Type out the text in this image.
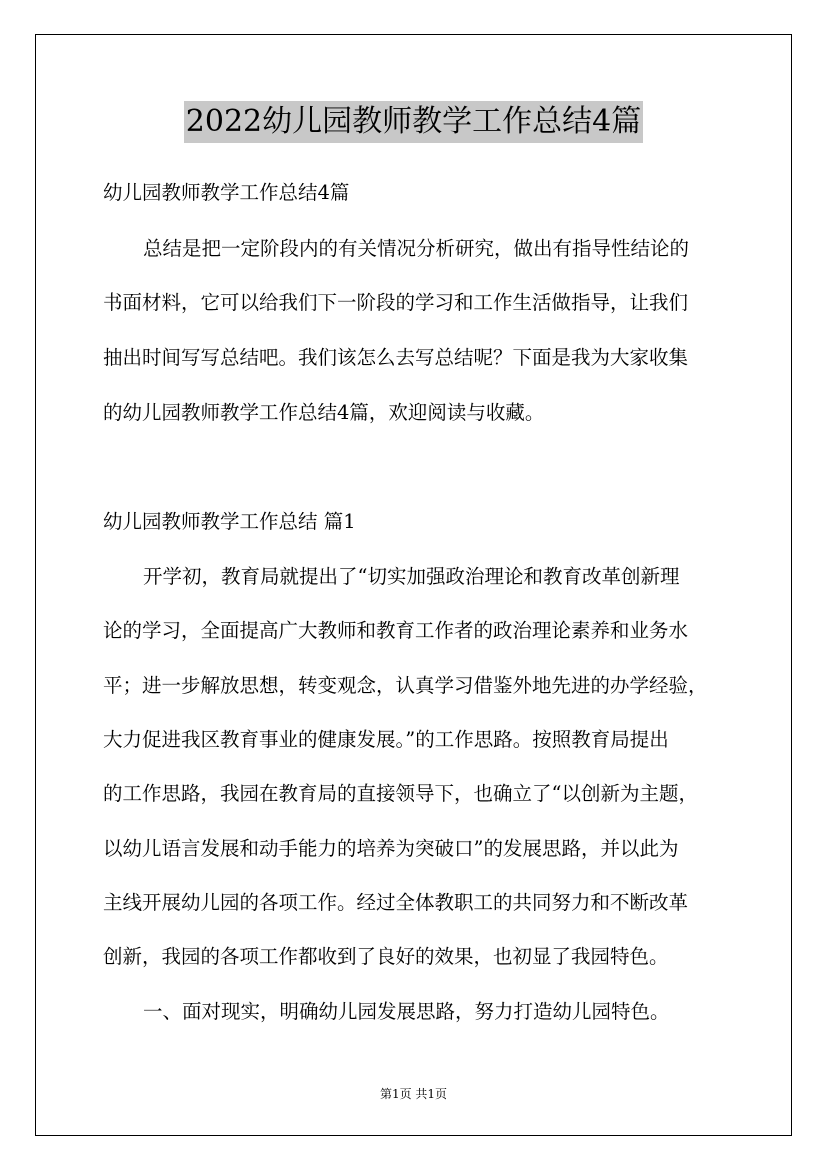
2022幼儿园教师教学工作总结4篇
幼儿园教师教学工作总结4篇
总结是把一定阶段内的有关情况分析研究，做出有指导性结论的
书面材料，它可以给我们下一阶段的学习和工作生活做指导，让我们
抽出时间写写总结吧。我们该怎么去写总结呢？下面是我为大家收集
的幼儿园教师教学工作总结4篇，欢迎阅读与收藏。
幼儿园教师教学工作总结 篇1
开学初，教育局就提出了“切实加强政治理论和教育改革创新理
论的学习，全面提高广大教师和教育工作者的政治理论素养和业务水
平；进一步解放思想，转变观念，认真学习借鉴外地先进的办学经验，
大力促进我区教育事业的健康发展。”的工作思路。按照教育局提出
的工作思路，我园在教育局的直接领导下，也确立了“以创新为主题，
以幼儿语言发展和动手能力的培养为突破口”的发展思路，并以此为
主线开展幼儿园的各项工作。经过全体教职工的共同努力和不断改革
创新，我园的各项工作都收到了良好的效果，也初显了我园特色。
一、面对现实，明确幼儿园发展思路，努力打造幼儿园特色。
第1页 共1页
